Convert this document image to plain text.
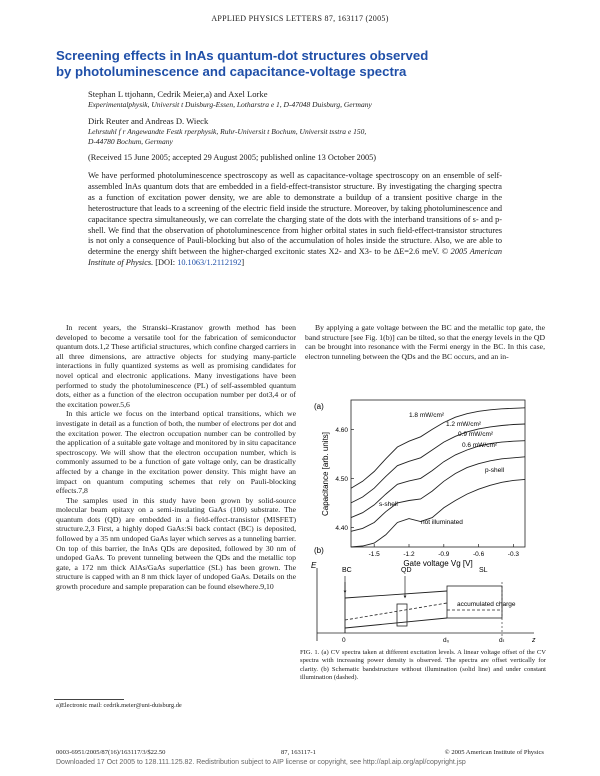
APPLIED PHYSICS LETTERS 87, 163117 (2005)
Screening effects in InAs quantum-dot structures observed
by photoluminescence and capacitance-voltage spectra
Stephan L ttjohann, Cedrik Meier,a) and Axel Lorke
Experimentalphysik, Universit t Duisburg-Essen, Lotharstra e 1, D-47048 Duisburg, Germany
Dirk Reuter and Andreas D. Wieck
Lehrstuhl f r Angewandte Festk rperphysik, Ruhr-Universit t Bochum, Universit tsstra e 150,
D-44780 Bochum, Germany
(Received 15 June 2005; accepted 29 August 2005; published online 13 October 2005)
We have performed photoluminescence spectroscopy as well as capacitance-voltage spectroscopy on an ensemble of self-assembled InAs quantum dots that are embedded in a field-effect-transistor structure. By investigating the charging spectra as a function of excitation power density, we are able to demonstrate a buildup of a transient positive charge in the heterostructure that leads to a screening of the electric field inside the structure. Moreover, by taking photoluminescence and capacitance spectra simultaneously, we can correlate the charging state of the dots with the interband transitions of s- and p-shell. We find that the observation of photoluminescence from higher orbital states in such field-effect-transistor structures is not only a consequence of Pauli-blocking but also of the accumulation of holes inside the structure. Also, we are able to determine the energy shift between the higher-charged excitonic states X2- and X3- to be ΔE=2.6 meV. © 2005 American Institute of Physics. [DOI: 10.1063/1.2112192]

In recent years, the Stranski–Krastanov growth method has been developed to become a versatile tool for the fabrication of semiconductor quantum dots.1,2 These artificial structures, which confine charged carriers in all three dimensions, are attractive objects for studying many-particle interactions in fully quantized systems as well as promising candidates for novel optical and electronic applications. Many investigations have been performed to study the photoluminescence (PL) of self-assembled quantum dots, either as a function of the electron occupation number per dot3,4 or of the excitation power.5,6

In this article we focus on the interband optical transitions, which we investigate in detail as a function of both, the number of electrons per dot and the excitation power. The electron occupation number can be controlled by the application of a suitable gate voltage and monitored by in situ capacitance spectroscopy. We will show that the electron occupation number, which is commonly assumed to be a function of gate voltage only, can be drastically affected by a change in the excitation power density. This might have an impact on quantum computing schemes that rely on Pauli-blocking effects.7,8

The samples used in this study have been grown by solid-source molecular beam epitaxy on a semi-insulating GaAs (100) substrate. The quantum dots (QD) are embedded in a field-effect-transistor (MISFET) structure.2,3 First, a highly doped GaAs:Si back contact (BC) is deposited, followed by a 35 nm undoped GaAs layer which serves as a tunneling barrier. On top of this barrier, the InAs QDs are deposited, followed by 30 nm of undoped GaAs. To prevent tunneling between the QDs and the metallic top gate, a 172 nm thick AlAs/GaAs superlattice (SL) has been grown. The structure is capped with an 8 nm thick layer of undoped GaAs. Details on the growth procedure and sample preparation can be found elsewhere.9,10

By applying a gate voltage between the BC and the metallic top gate, the band structure [see Fig. 1(b)] can be tilted, so that the energy levels in the QD can be brought into resonance with the Fermi energy in the BC. In this case, electron tunneling between the QDs and the BC occurs, and an in-

(a)
Capacitance [arb. units]
Gate voltage Vg [V]
-1.5	-1.2	-0.9	-0.6	-0.3
4.60
4.50
4.40
1.8 mW/cm²
1.2 mW/cm²
0.9 mW/cm²
0.6 mW/cm²
p-shell
s-shell
not illuminated
(b)
E
BC	QD	SL
accumulated charge
0	d₀	dₜ	z
FIG. 1. (a) CV spectra taken at different excitation levels. A linear voltage offset of the CV spectra with increasing power density is observed. The spectra are offset vertically for clarity. (b) Schematic bandstructure without illumination (solid line) and under constant illumination (dashed).
a)Electronic mail: cedrik.meier@uni-duisburg.de
0003-6951/2005/87(16)/163117/3/$22.50	87, 163117-1	© 2005 American Institute of Physics
Downloaded 17 Oct 2005 to 128.111.125.82. Redistribution subject to AIP license or copyright, see http://apl.aip.org/apl/copyright.jsp
